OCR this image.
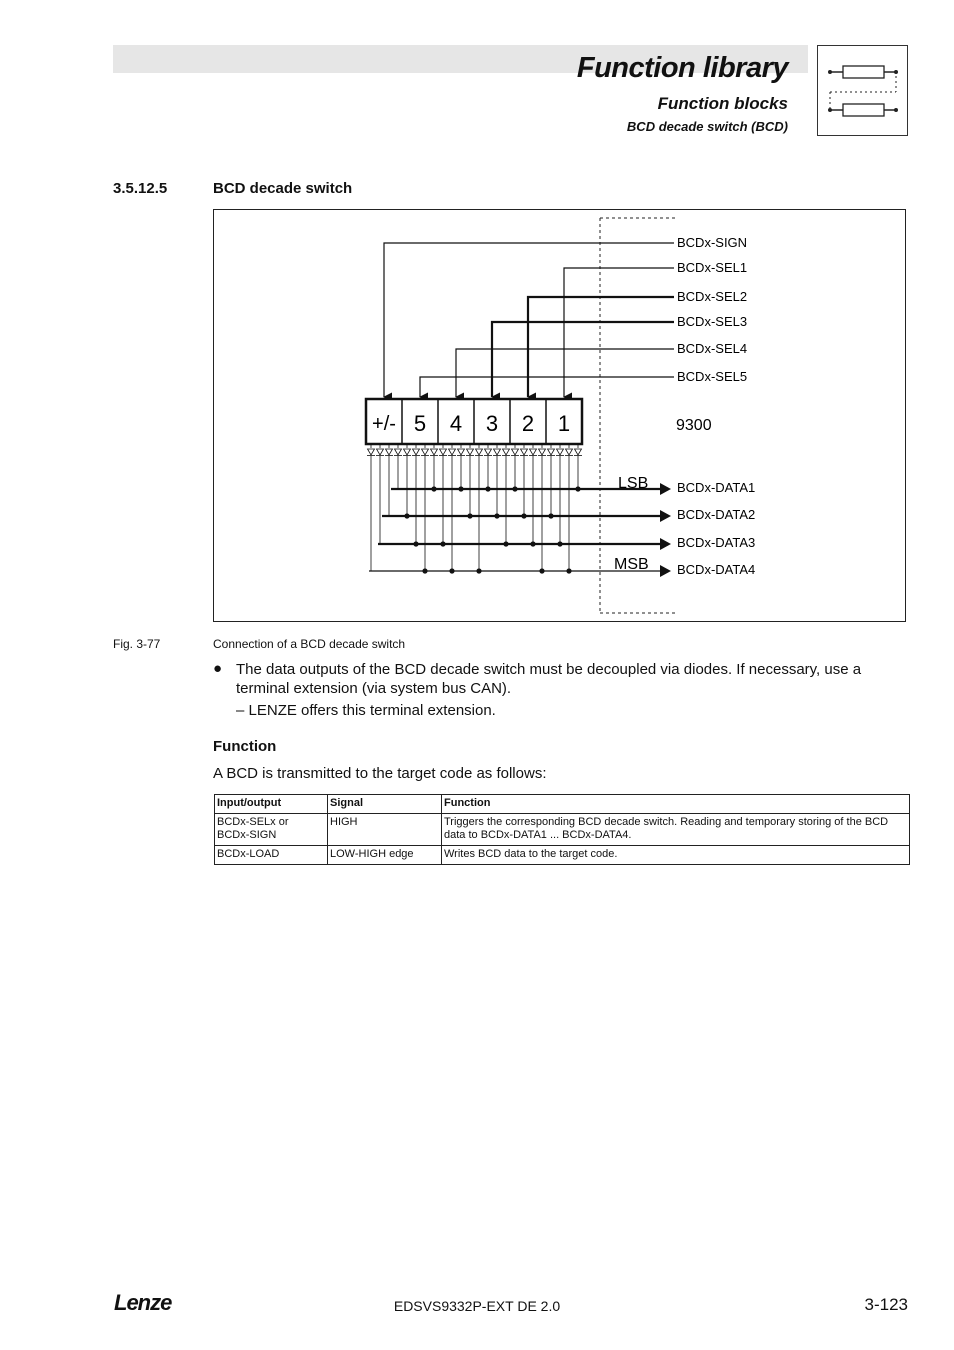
Function library
Function blocks
BCD decade switch (BCD)
3.5.12.5	BCD decade switch
9300
LSB
MSB
BCDx-SIGN
BCDx-SEL1
BCDx-SEL2
BCDx-SEL3
BCDx-SEL4
BCDx-SEL5
BCDx-DATA1
BCDx-DATA2
BCDx-DATA3
BCDx-DATA4
+/- 5 4 3 2 1
Fig. 3-77	Connection of a BCD decade switch
● The data outputs of the BCD decade switch must be decoupled via diodes. If necessary, use a terminal extension (via system bus CAN).
– LENZE offers this terminal extension.
Function
A BCD is transmitted to the target code as follows:
Input/output	Signal	Function
BCDx-SELx or
BCDx-SIGN	HIGH	Triggers the corresponding BCD decade switch. Reading and temporary storing of the BCD data to BCDx-DATA1 ... BCDx-DATA4.
BCDx-LOAD	LOW-HIGH edge	Writes BCD data to the target code.
Lenze	EDSVS9332P-EXT DE 2.0	3-123
